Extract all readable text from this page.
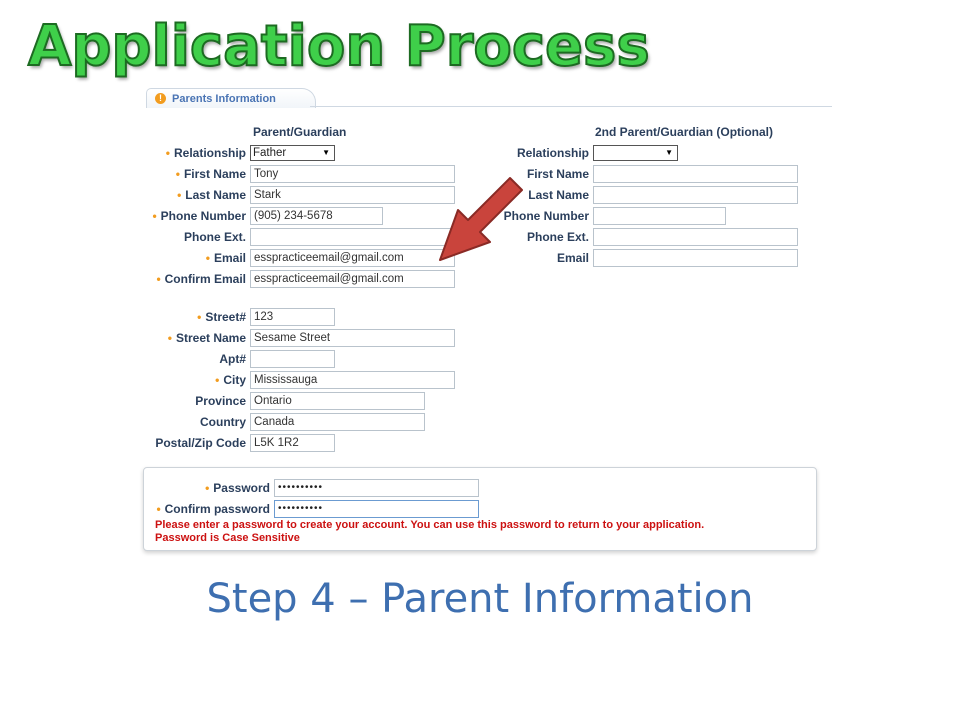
Application Process
! Parents Information
Parent/Guardian	2nd Parent/Guardian (Optional)
• Relationship Father	▼
• First Name Tony
• Last Name Stark
• Phone Number (905) 234-5678
Phone Ext.
• Email esspracticeemail@gmail.com
• Confirm Email esspracticeemail@gmail.com
• Street# 123
• Street Name Sesame Street
Apt#
• City Mississauga
Province Ontario
Country Canada
Postal/Zip Code L5K 1R2
Relationship	▼
First Name
Last Name
Phone Number
Phone Ext.
Email
• Password ••••••••••
• Confirm password ••••••••••
Please enter a password to create your account. You can use this password to return to your application.
Password is Case Sensitive
Step 4 – Parent Information
